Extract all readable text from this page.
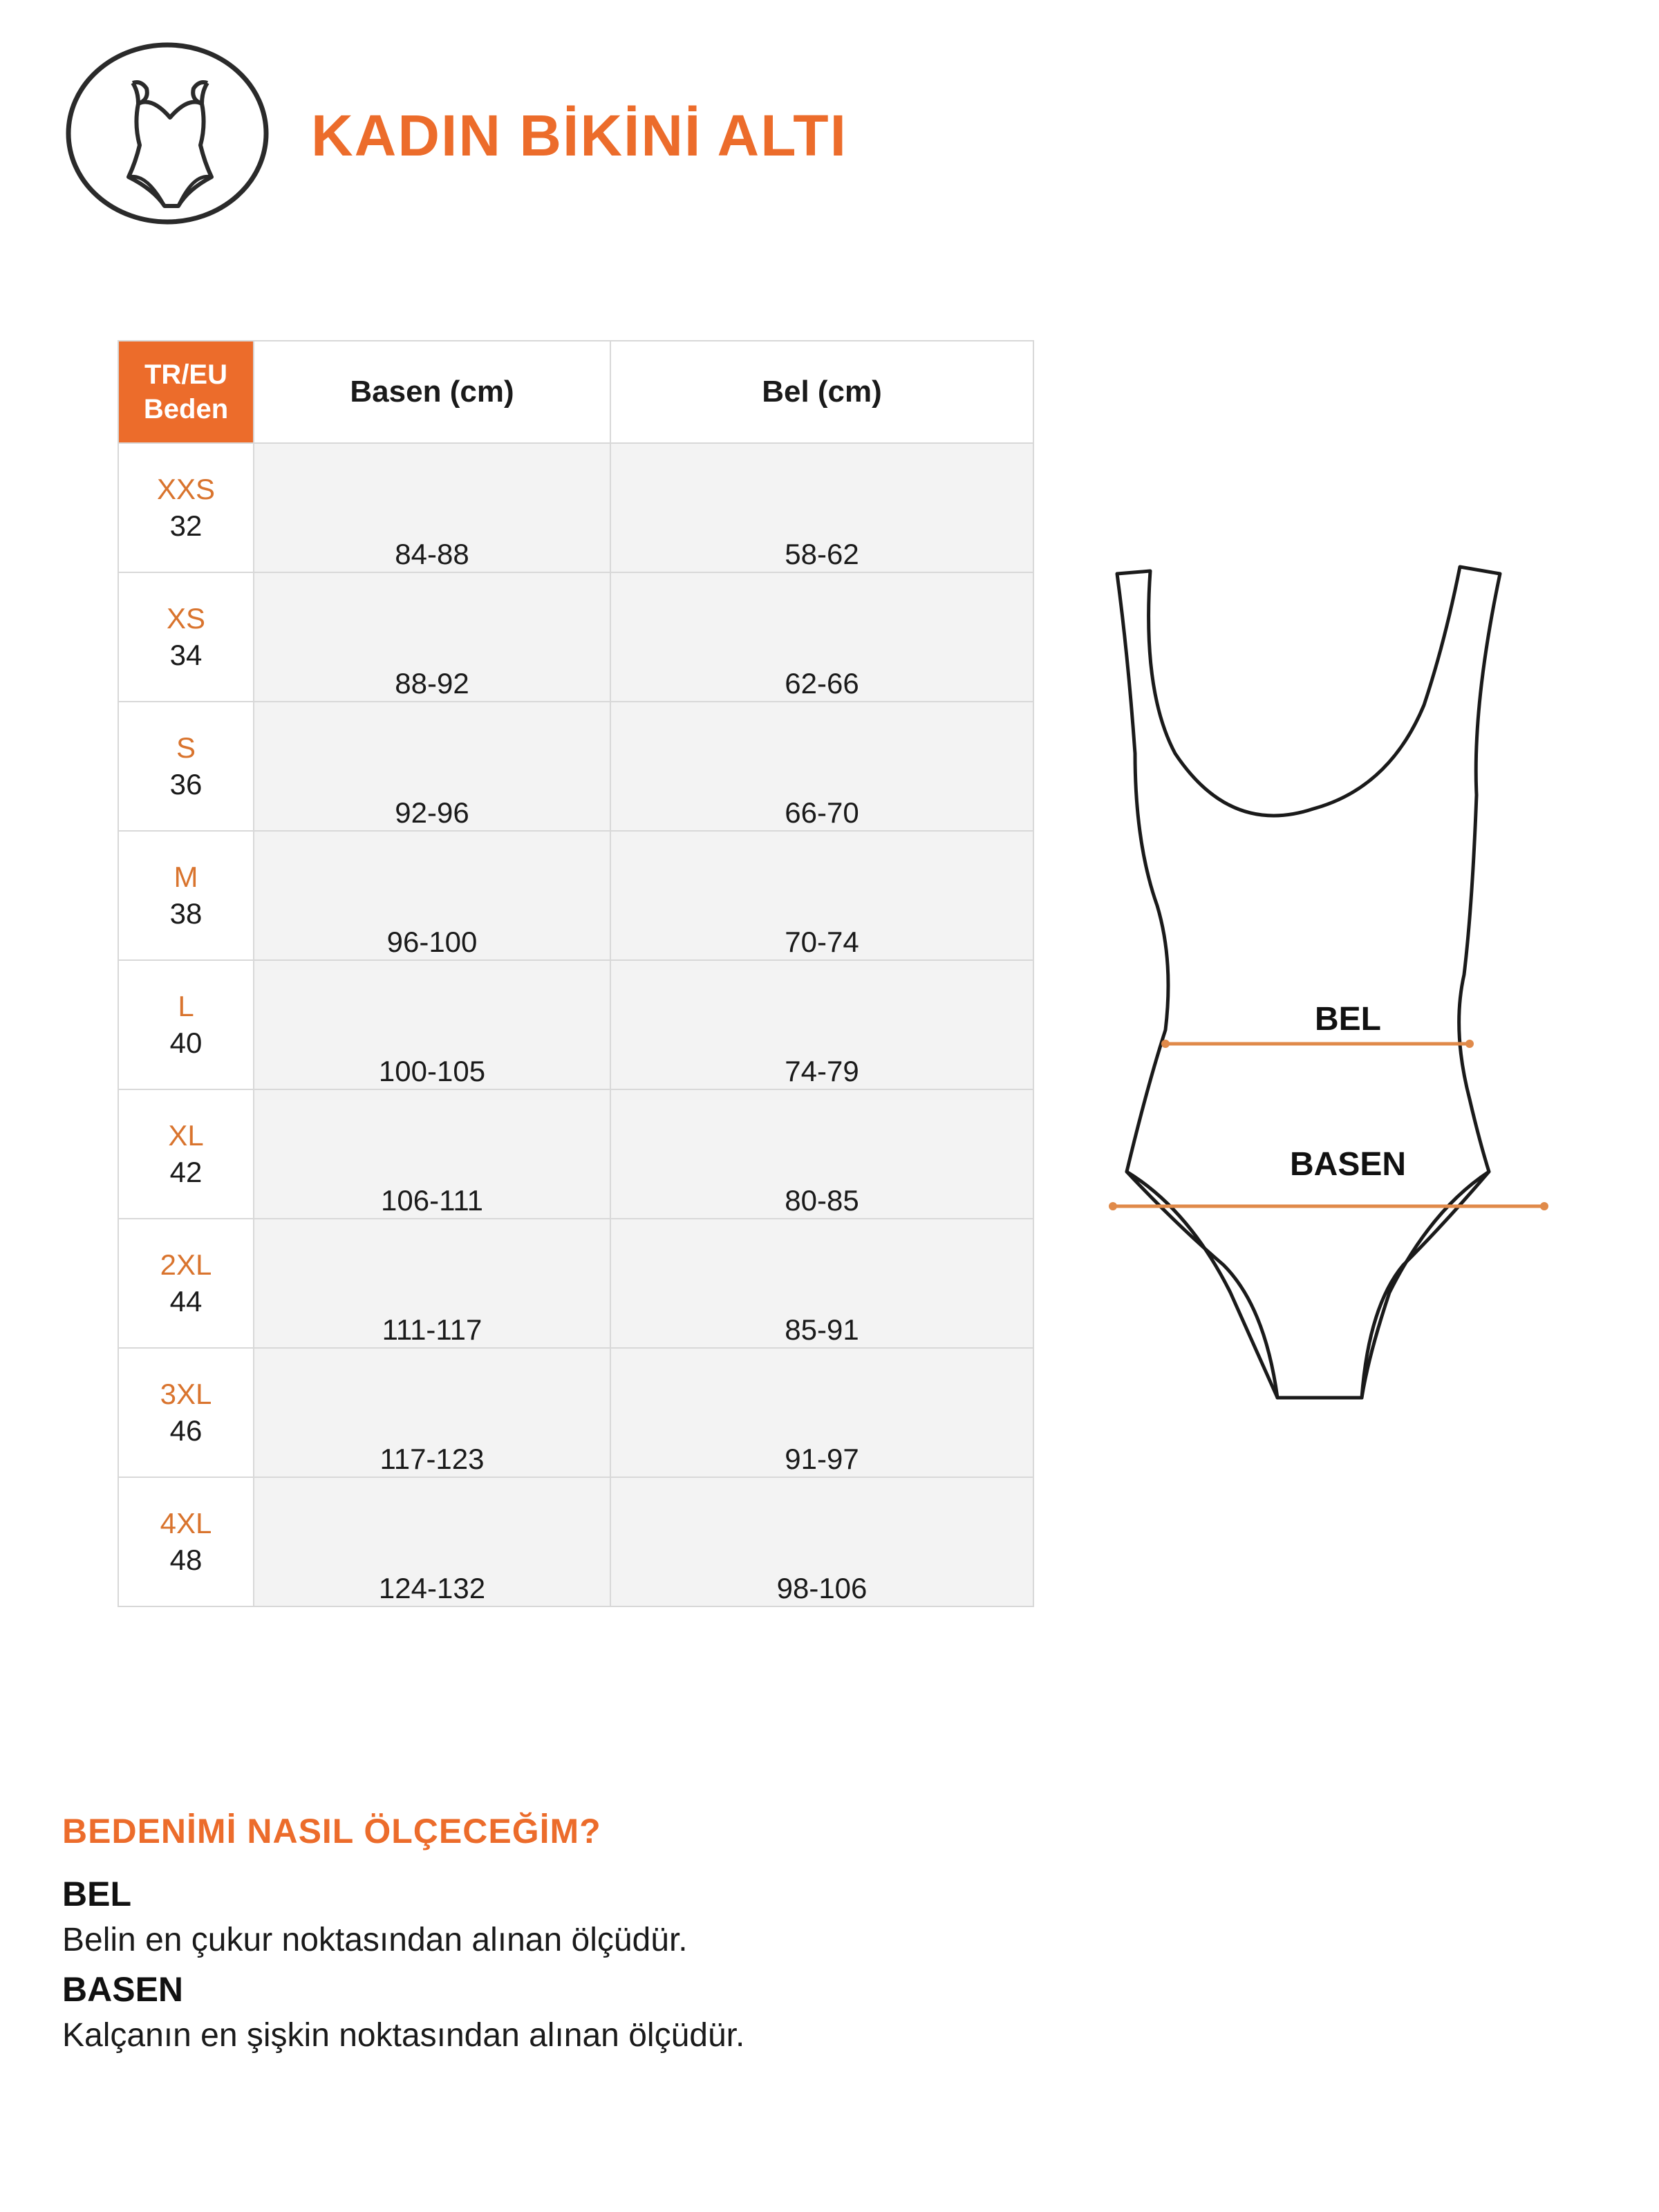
KADIN BİKİNİ ALTI
TR/EU
Beden	Basen (cm)	Bel (cm)

XXS
32	84-88	58-62

XS
34	88-92	62-66

S
36	92-96	66-70

M
38	96-100	70-74

L
40	100-105	74-79

XL
42	106-111	80-85

2XL
44	111-117	85-91

3XL
46	117-123	91-97

4XL
48	124-132	98-106
BEL
BASEN
BEDENİMİ NASIL ÖLÇECEĞİM?
BEL
Belin en çukur noktasından alınan ölçüdür.
BASEN
Kalçanın en şişkin noktasından alınan ölçüdür.
